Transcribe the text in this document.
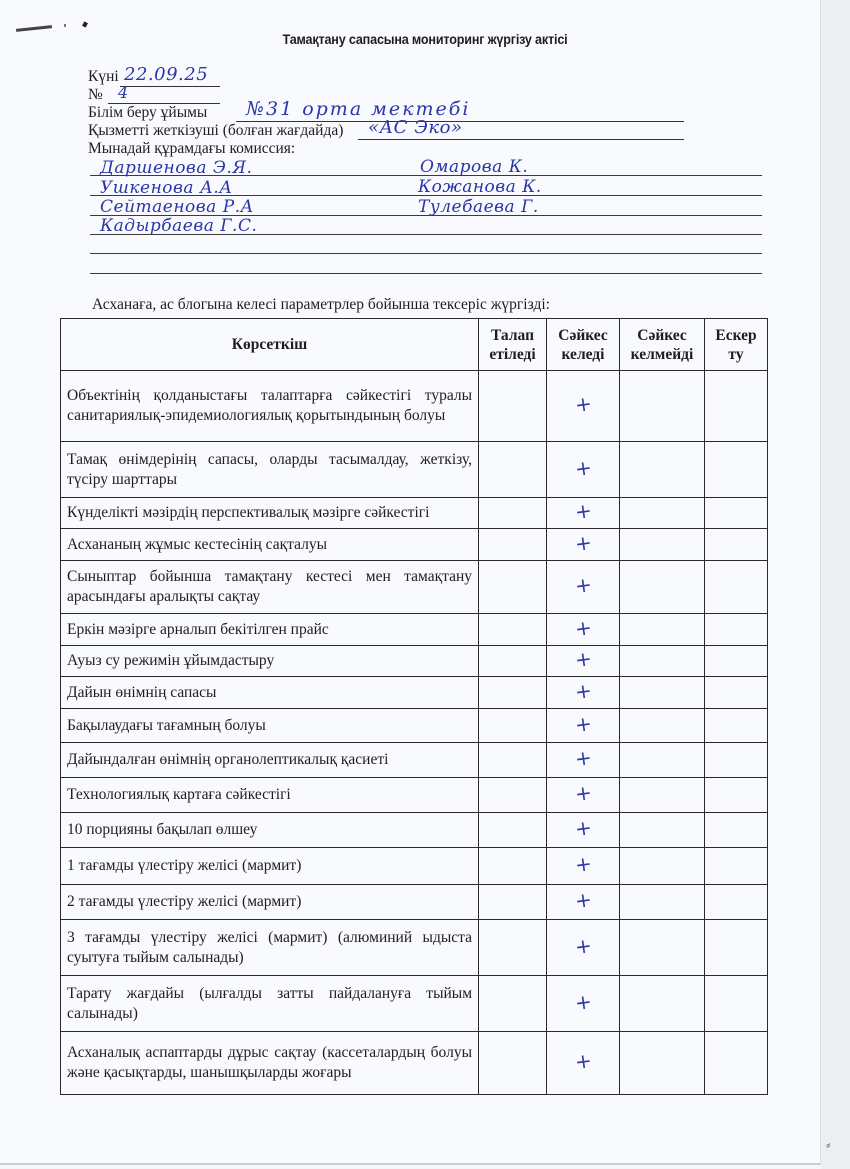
Тамақтану сапасына мониторинг жүргізу актісі
Күні 22.09.25
№ 4
Білім беру ұйымы №31 орта мектебі
Қызметті жеткізуші (болған жағдайда) «АС Эко»
Мынадай құрамдағы комиссия:
Даршенова Э.Я.
Ушкенова А.А
Сейтаенова Р.А
Кадырбаева Г.С.
Омарова К.
Кожанова К.
Тулебаева Г.
Асханаға, ас блогына келесі параметрлер бойынша тексеріс жүргізді:
Көрсеткіш	Талап етіледі	Сәйкес келеді	Сәйкес келмейді	Ескер ту
Объектінің қолданыстағы талаптарға сәйкестігі туралы санитариялық-эпидемиологиялық қорытындының болуы		+		
Тамақ өнімдерінің сапасы, оларды тасымалдау, жеткізу, түсіру шарттары		+		
Күнделікті мәзірдің перспективалық мәзірге сәйкестігі		+		
Асхананың жұмыс кестесінің сақталуы		+		
Сыныптар бойынша тамақтану кестесі мен тамақтану арасындағы аралықты сақтау		+		
Еркін мәзірге арналып бекітілген прайс		+		
Ауыз су режимін ұйымдастыру		+		
Дайын өнімнің сапасы		+		
Бақылаудағы тағамның болуы		+		
Дайындалған өнімнің органолептикалық қасиеті		+		
Технологиялық картаға сәйкестігі		+		
10 порцияны бақылап өлшеу		+		
1 тағамды үлестіру желісі (мармит)		+		
2 тағамды үлестіру желісі (мармит)		+		
3 тағамды үлестіру желісі (мармит) (алюминий ыдыста суытуға тыйым салынады)		+		
Тарату жағдайы (ылғалды затты пайдалануға тыйым салынады)		+		
Асханалық аспаптарды дұрыс сақтау (кассеталардың болуы және қасықтарды, шанышқыларды жоғары		+		
⸗
